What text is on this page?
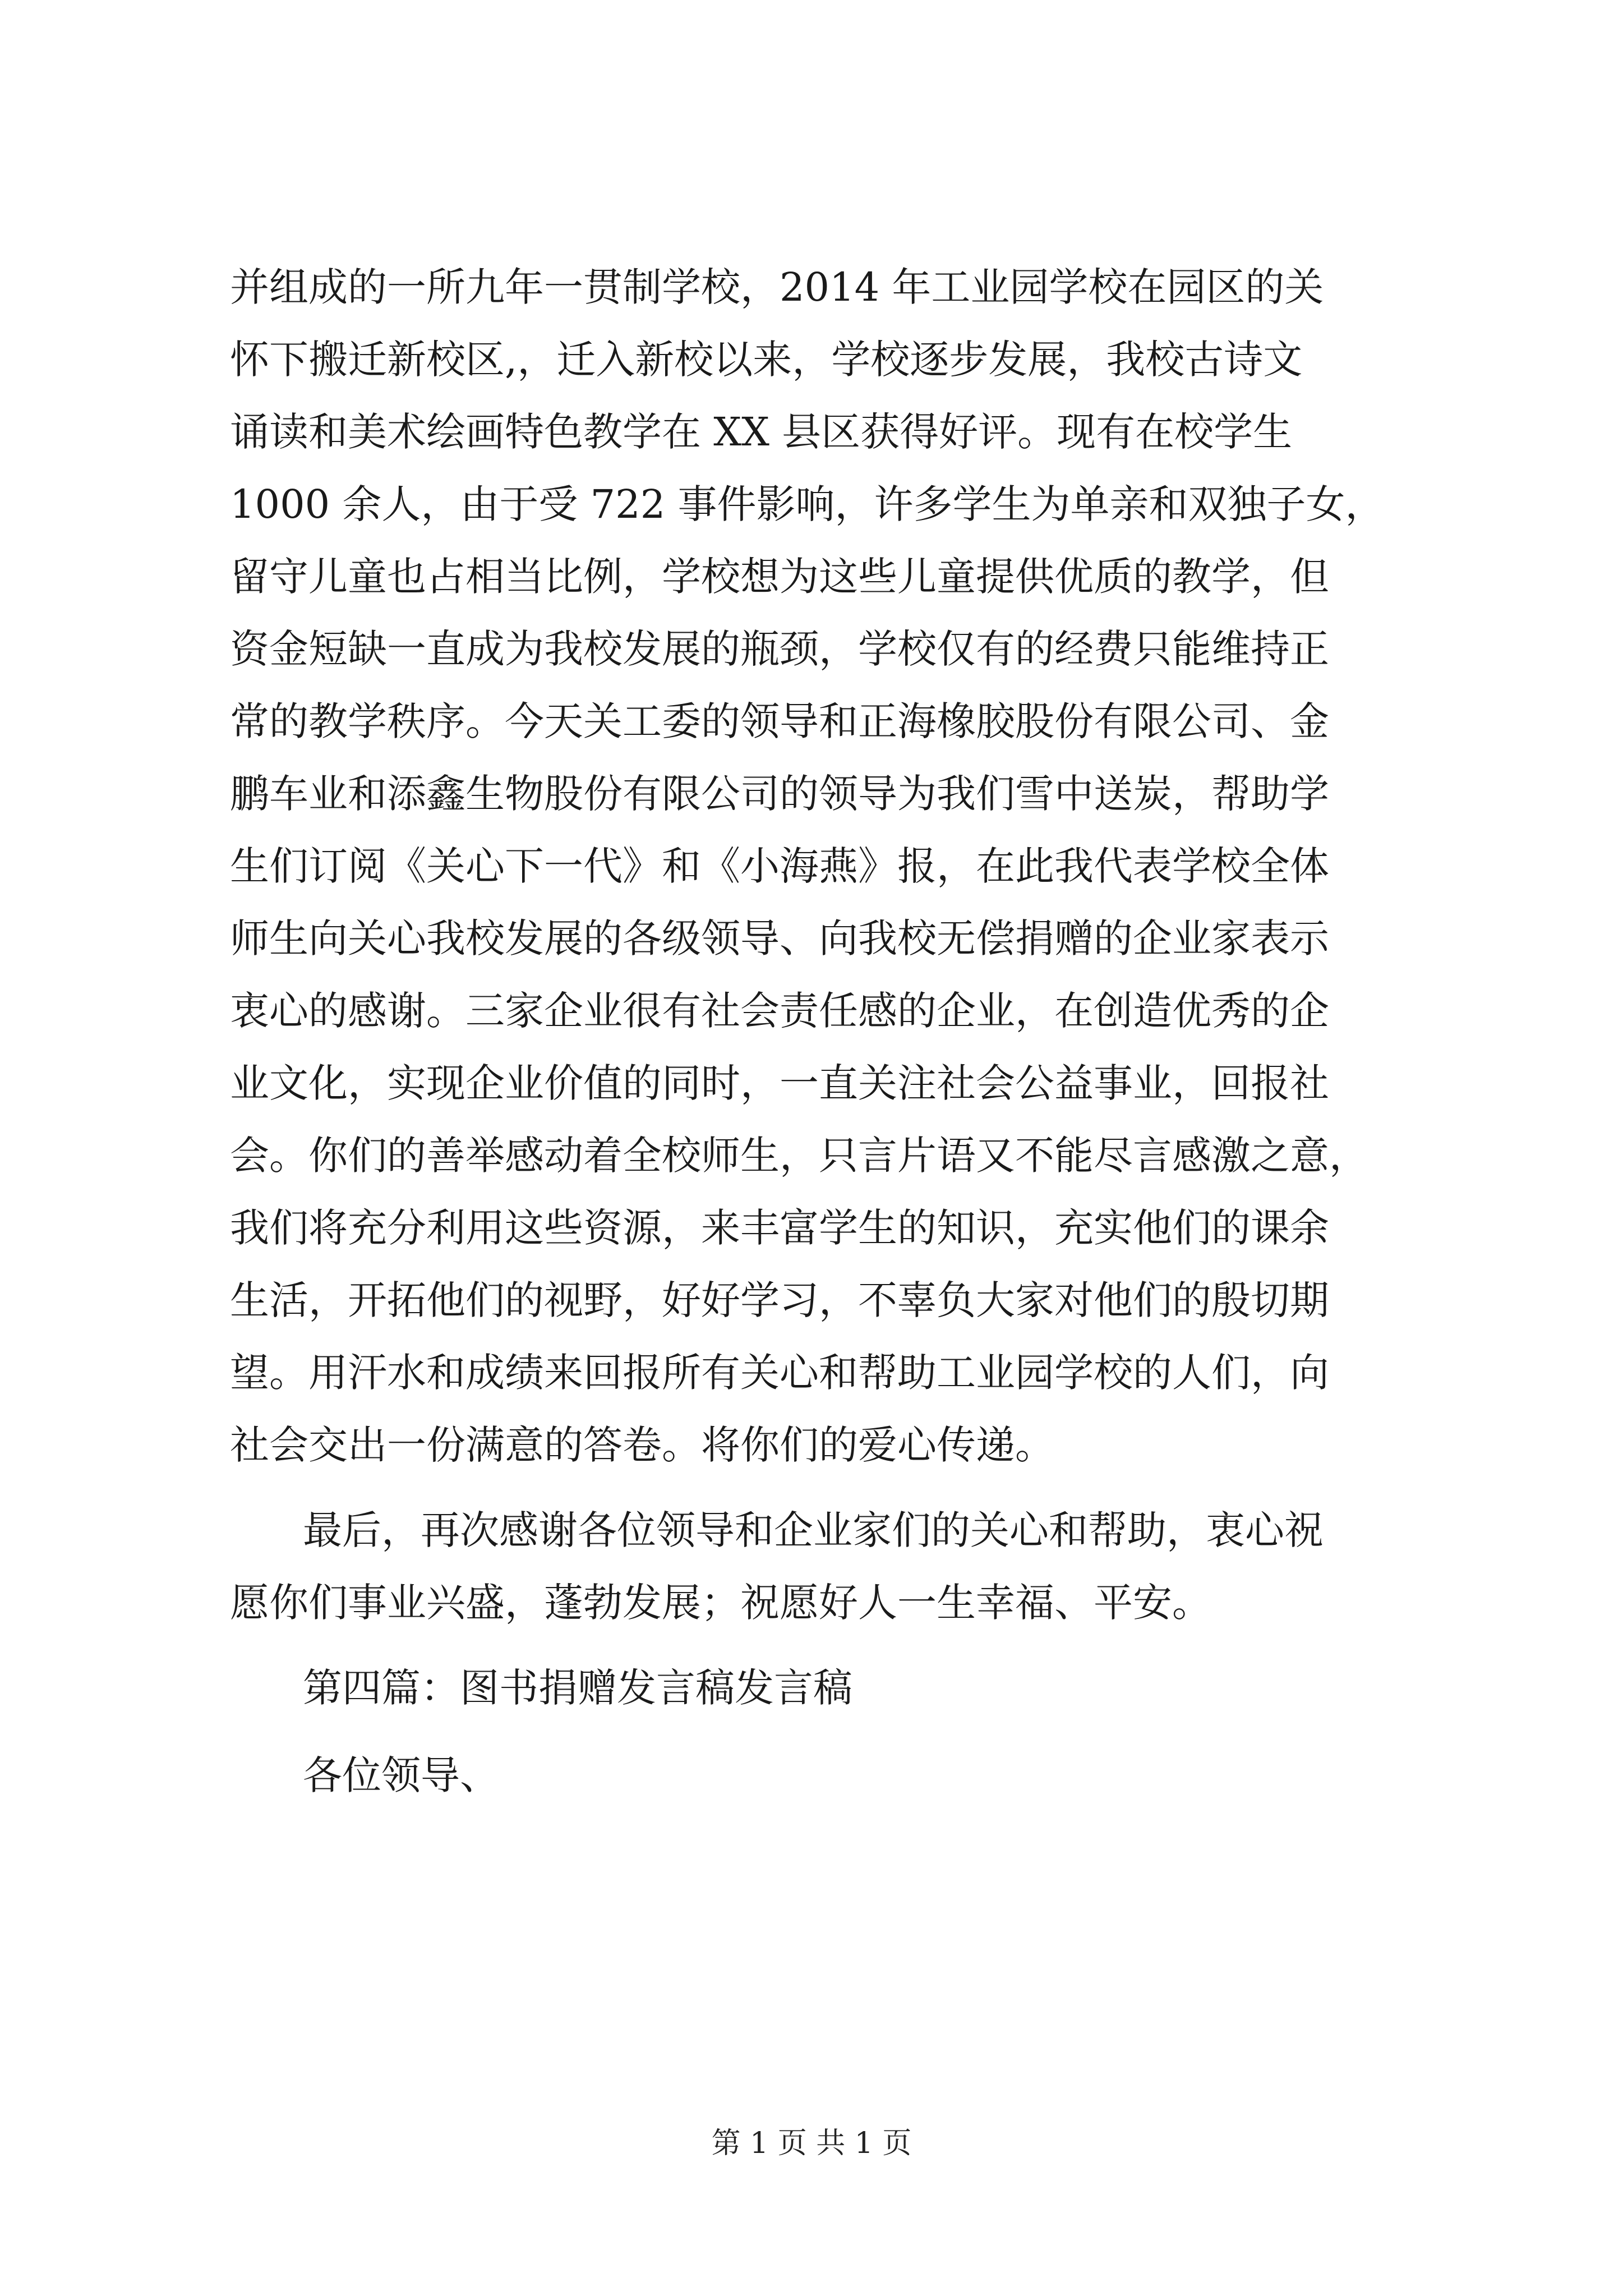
并组成的一所九年一贯制学校，2014 年工业园学校在园区的关
怀下搬迁新校区,，迁入新校以来，学校逐步发展，我校古诗文
诵读和美术绘画特色教学在 XX 县区获得好评。现有在校学生
1000 余人，由于受 722 事件影响，许多学生为单亲和双独子女，
留守儿童也占相当比例，学校想为这些儿童提供优质的教学，但
资金短缺一直成为我校发展的瓶颈，学校仅有的经费只能维持正
常的教学秩序。今天关工委的领导和正海橡胶股份有限公司、金
鹏车业和添鑫生物股份有限公司的领导为我们雪中送炭，帮助学
生们订阅《关心下一代》和《小海燕》报，在此我代表学校全体
师生向关心我校发展的各级领导、向我校无偿捐赠的企业家表示
衷心的感谢。三家企业很有社会责任感的企业，在创造优秀的企
业文化，实现企业价值的同时，一直关注社会公益事业，回报社
会。你们的善举感动着全校师生，只言片语又不能尽言感激之意，
我们将充分利用这些资源，来丰富学生的知识，充实他们的课余
生活，开拓他们的视野，好好学习，不辜负大家对他们的殷切期
望。用汗水和成绩来回报所有关心和帮助工业园学校的人们，向
社会交出一份满意的答卷。将你们的爱心传递。
最后，再次感谢各位领导和企业家们的关心和帮助，衷心祝
愿你们事业兴盛，蓬勃发展；祝愿好人一生幸福、平安。
第四篇：图书捐赠发言稿发言稿
各位领导、
第 1 页 共 1 页
